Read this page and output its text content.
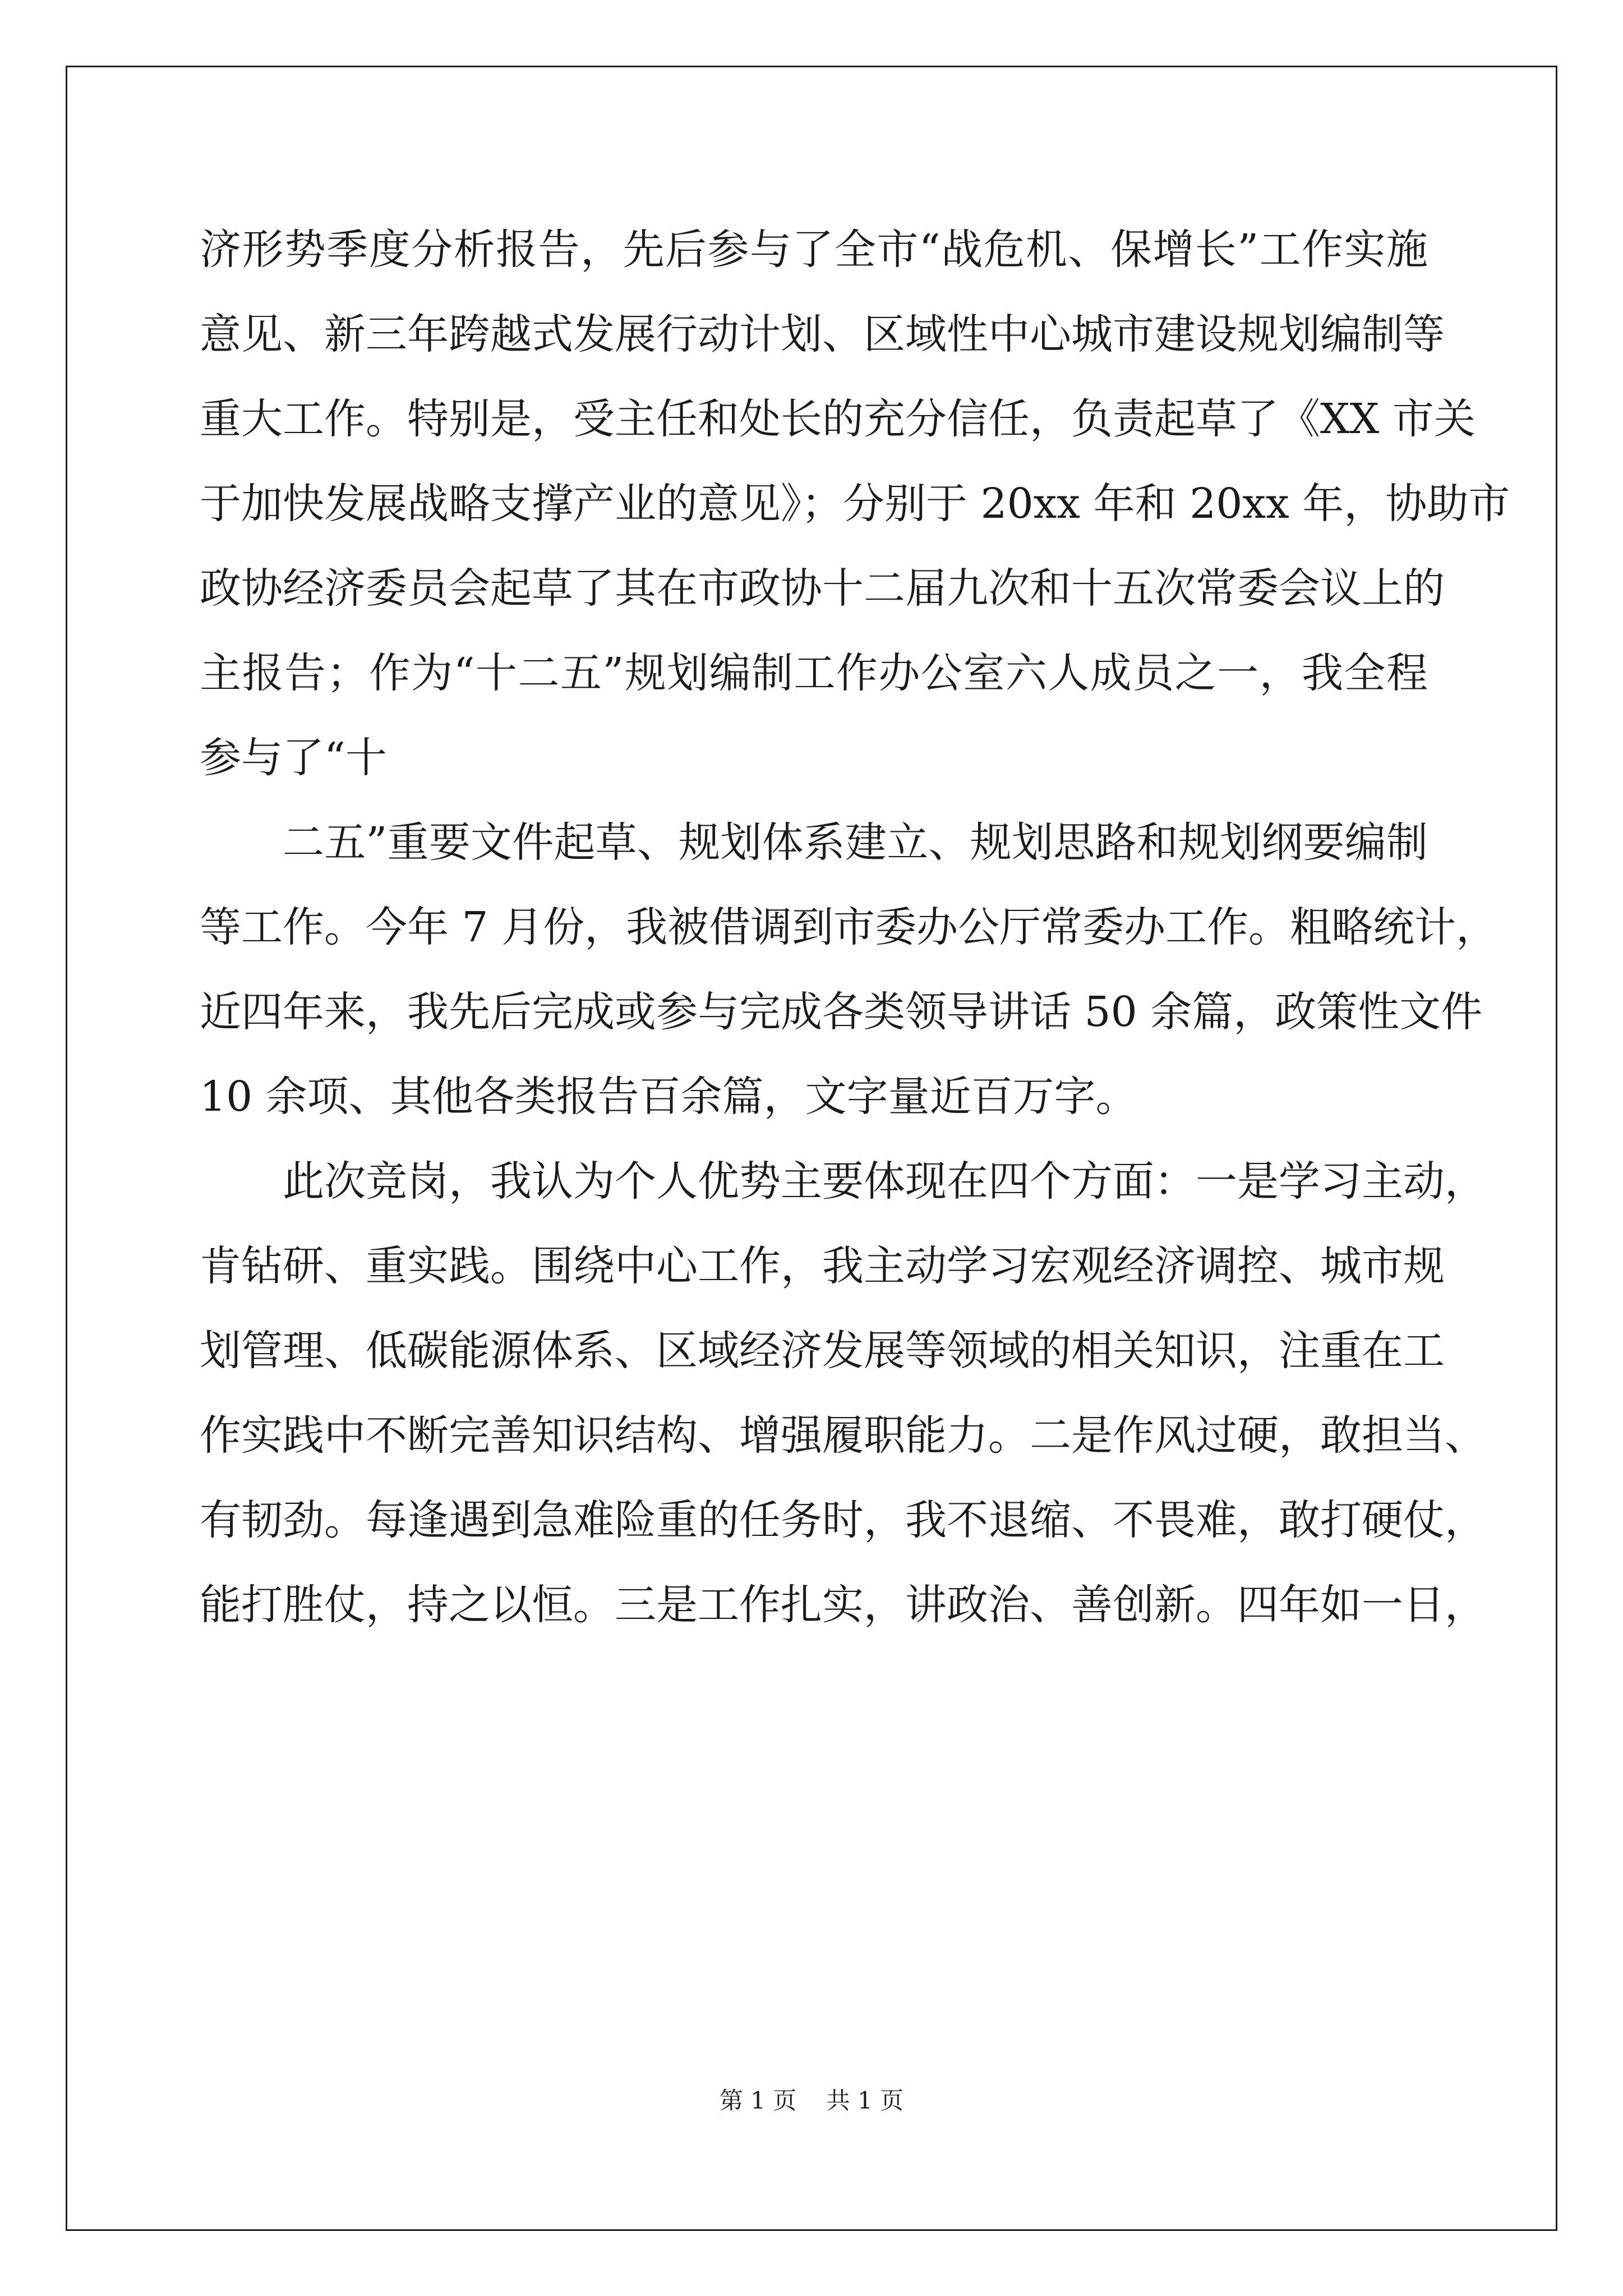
济形势季度分析报告，先后参与了全市“战危机、保增长”工作实施
意见、新三年跨越式发展行动计划、区域性中心城市建设规划编制等
重大工作。特别是，受主任和处长的充分信任，负责起草了《XX 市关
于加快发展战略支撑产业的意见》；分别于 20xx 年和 20xx 年，协助市
政协经济委员会起草了其在市政协十二届九次和十五次常委会议上的
主报告；作为“十二五”规划编制工作办公室六人成员之一，我全程
参与了“十
二五”重要文件起草、规划体系建立、规划思路和规划纲要编制
等工作。今年 7 月份，我被借调到市委办公厅常委办工作。粗略统计，
近四年来，我先后完成或参与完成各类领导讲话 50 余篇，政策性文件
10 余项、其他各类报告百余篇，文字量近百万字。
此次竞岗，我认为个人优势主要体现在四个方面：一是学习主动，
肯钻研、重实践。围绕中心工作，我主动学习宏观经济调控、城市规
划管理、低碳能源体系、区域经济发展等领域的相关知识，注重在工
作实践中不断完善知识结构、增强履职能力。二是作风过硬，敢担当、
有韧劲。每逢遇到急难险重的任务时，我不退缩、不畏难，敢打硬仗，
能打胜仗，持之以恒。三是工作扎实，讲政治、善创新。四年如一日，
第 1 页 共 1 页
